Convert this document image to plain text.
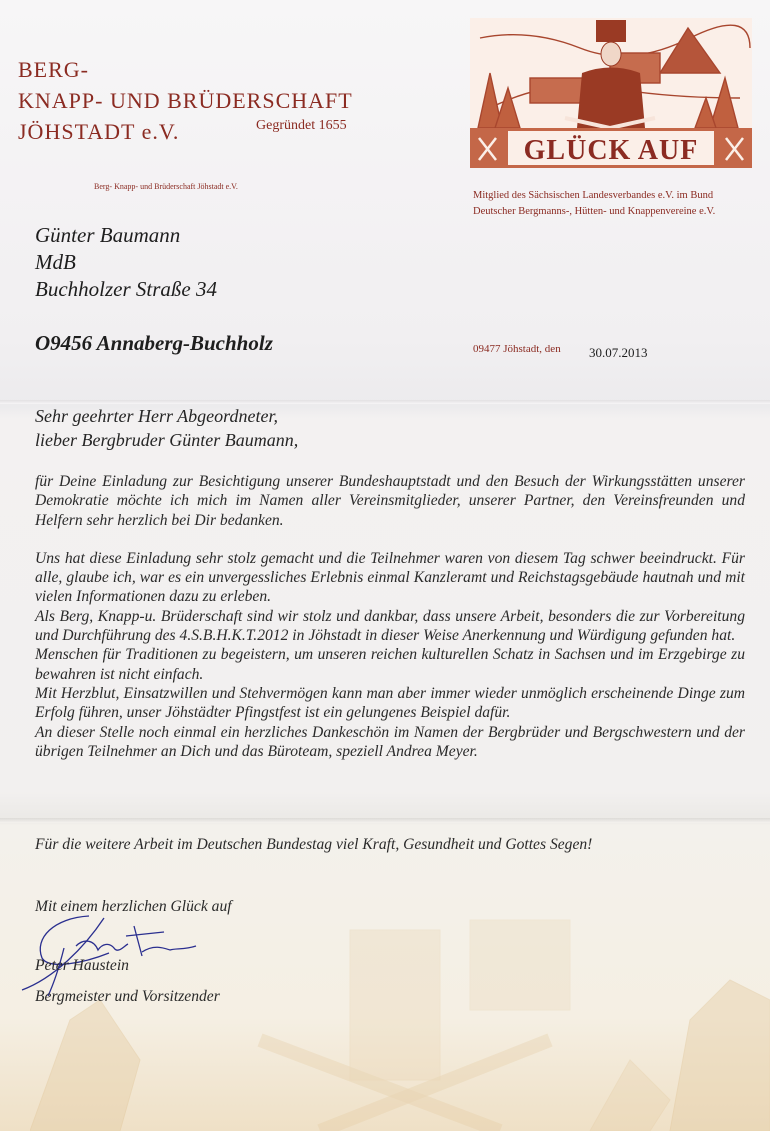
BERG-
KNAPP- UND BRÜDERSCHAFT
JÖHSTADT e.V.	Gegründet 1655
Berg- Knapp- und Brüderschaft Jöhstadt e.V.
GLÜCK AUF
Mitglied des Sächsischen Landesverbandes e.V. im Bund
Deutscher Bergmanns-, Hütten- und Knappenvereine e.V.
Günter Baumann
MdB
Buchholzer Straße 34
O9456 Annaberg-Buchholz	09477 Jöhstadt, den 30.07.2013
Sehr geehrter Herr Abgeordneter,
lieber Bergbruder Günter Baumann,

für Deine Einladung zur Besichtigung unserer Bundeshauptstadt und den Besuch der Wirkungsstätten unserer Demokratie möchte ich mich im Namen aller Vereinsmitglieder, unserer Partner, den Vereinsfreunden und Helfern sehr herzlich bei Dir bedanken.

Uns hat diese Einladung sehr stolz gemacht und die Teilnehmer waren von diesem Tag schwer beeindruckt. Für alle, glaube ich, war es ein unvergessliches Erlebnis einmal Kanzleramt und Reichstagsgebäude hautnah und mit vielen Informationen dazu zu erleben.

Als Berg, Knapp-u. Brüderschaft sind wir stolz und dankbar, dass unsere Arbeit, besonders die zur Vorbereitung und Durchführung des 4.S.B.H.K.T.2012 in Jöhstadt in dieser Weise Anerkennung und Würdigung gefunden hat.

Menschen für Traditionen zu begeistern, um unseren reichen kulturellen Schatz in Sachsen und im Erzgebirge zu bewahren ist nicht einfach.

Mit Herzblut, Einsatzwillen und Stehvermögen kann man aber immer wieder unmöglich erscheinende Dinge zum Erfolg führen, unser Jöhstädter Pfingstfest ist ein gelungenes Beispiel dafür.

An dieser Stelle noch einmal ein herzliches Dankeschön im Namen der Bergbrüder und Bergschwestern und der übrigen Teilnehmer an Dich und das Büroteam, speziell Andrea Meyer.

Für die weitere Arbeit im Deutschen Bundestag viel Kraft, Gesundheit und Gottes Segen!
Mit einem herzlichen Glück auf
Peter Haustein
Bergmeister und Vorsitzender
